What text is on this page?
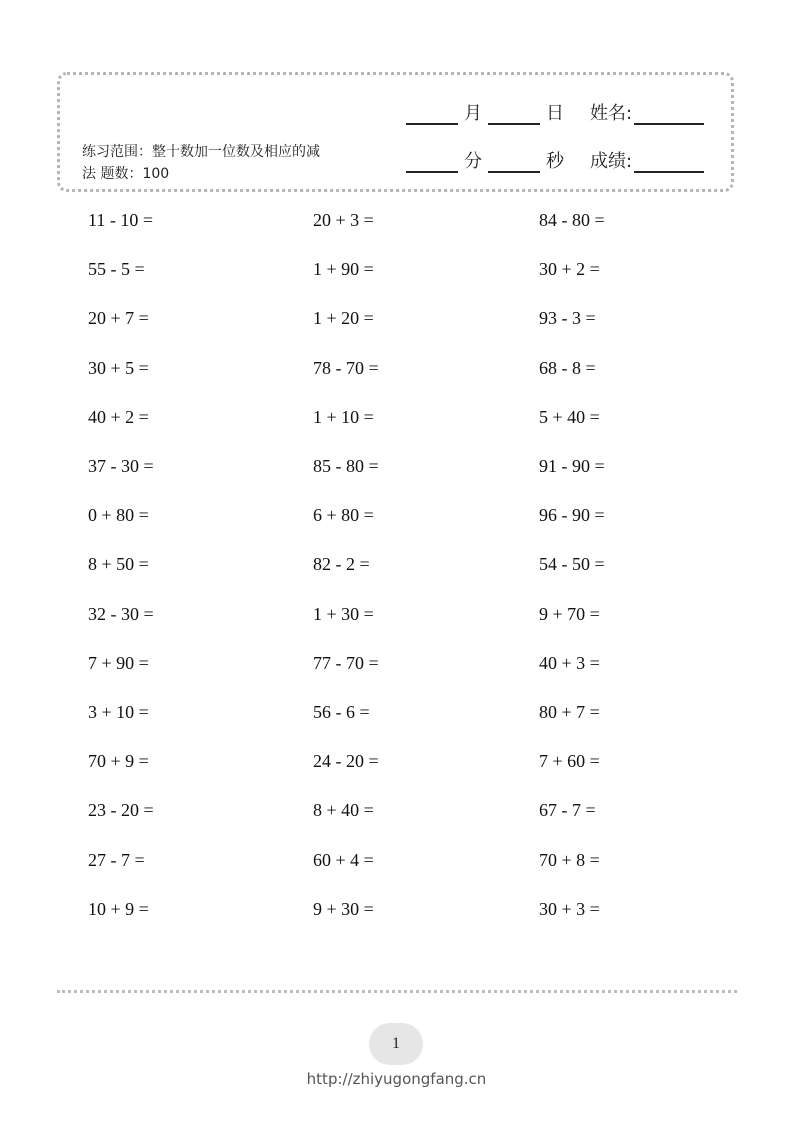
练习范围：整十数加一位数及相应的减法 题数：100
月	日 姓名:
分	秒 成绩:
11 - 10 =
55 - 5 =
20 + 7 =
30 + 5 =
40 + 2 =
37 - 30 =
0 + 80 =
8 + 50 =
32 - 30 =
7 + 90 =
3 + 10 =
70 + 9 =
23 - 20 =
27 - 7 =
10 + 9 =
20 + 3 =
1 + 90 =
1 + 20 =
78 - 70 =
1 + 10 =
85 - 80 =
6 + 80 =
82 - 2 =
1 + 30 =
77 - 70 =
56 - 6 =
24 - 20 =
8 + 40 =
60 + 4 =
9 + 30 =
84 - 80 =
30 + 2 =
93 - 3 =
68 - 8 =
5 + 40 =
91 - 90 =
96 - 90 =
54 - 50 =
9 + 70 =
40 + 3 =
80 + 7 =
7 + 60 =
67 - 7 =
70 + 8 =
30 + 3 =
1
http://zhiyugongfang.cn
